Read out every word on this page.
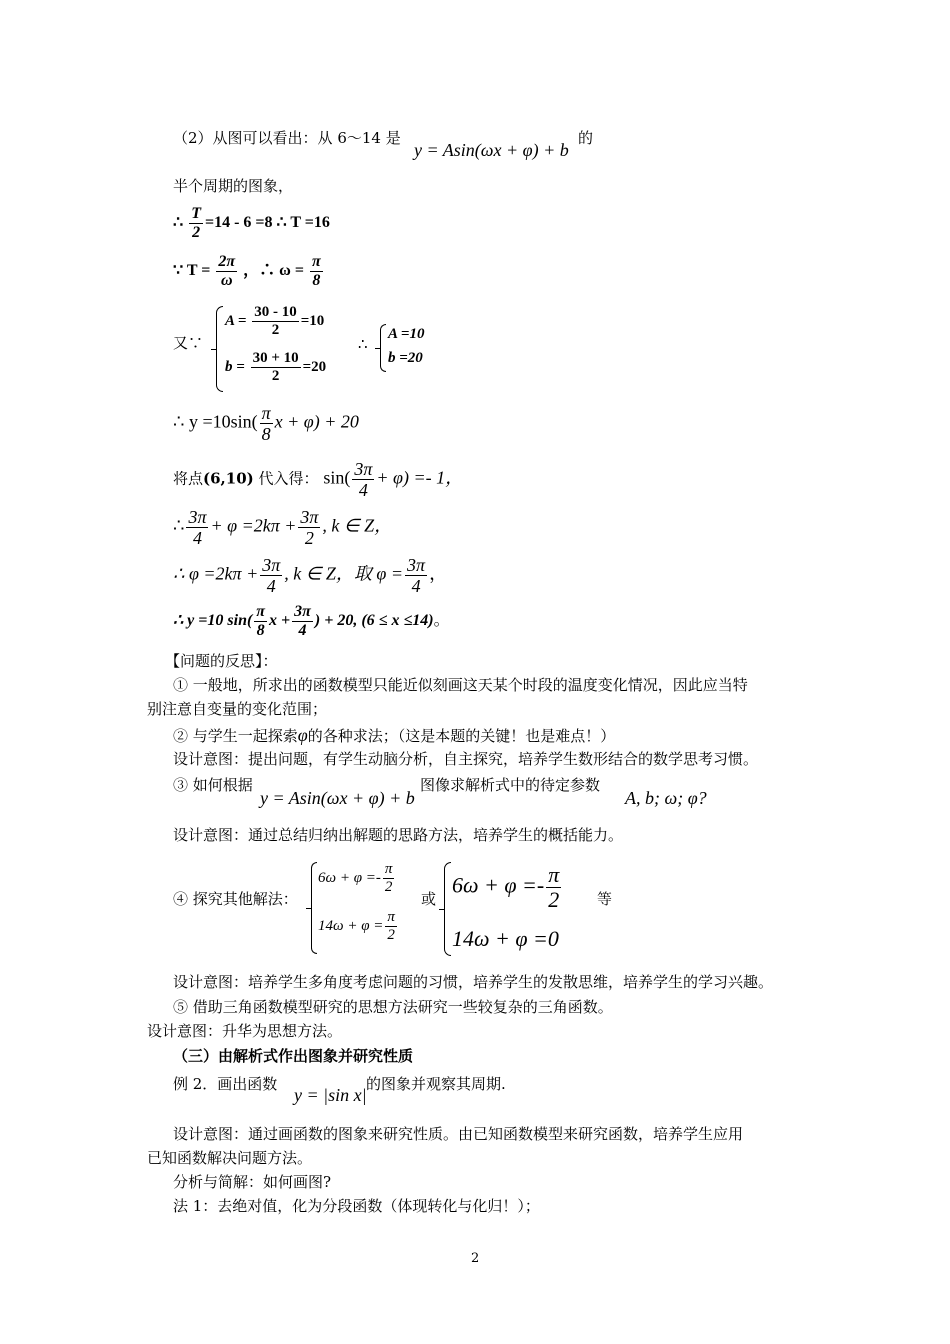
（2）从图可以看出：从 6～14 是
y = Asin(ωx + φ) + b
的
半个周期的图象，
∴ $\frac{T}{2} =14 - 6 =8$ ∴ T =16
∵ $T = \frac{2\pi}{\omega}$ ，∴ $\omega = \frac{\pi}{8}$
又∵
$A = \frac{30 - 10}{2} =10$
$b = \frac{30 + 10}{2} =20$
∴
A =10
b =20
∴ $y =10\sin( \frac{\pi}{8}$ x + φ) + 20
将点(6,10) 代入得： $\sin( \frac{3\pi}{4} + \varphi) =- 1$，
∴ $\frac{3\pi}{4} + \varphi =2k\pi + \frac{3\pi}{2}$ , k ∈ Z，
∴ $\varphi =2k\pi + \frac{3\pi}{4}$ , k ∈ Z，取 $\varphi = \frac{3\pi}{4}$ ，
∴ y =10 $\sin( \frac{\pi}{8}$ $x + \frac{3\pi}{4}$ ) + 20, (6 ≤ x ≤14)。
【问题的反思】：
① 一般地，所求出的函数模型只能近似刻画这天某个时段的温度变化情况，因此应当特
别注意自变量的变化范围；
② 与学生一起探索φ的各种求法；（这是本题的关键！也是难点！）
设计意图：提出问题，有学生动脑分析，自主探究，培养学生数形结合的数学思考习惯。
③ 如何根据
y = Asin(ωx + φ) + b
图像求解析式中的待定参数
A, b; ω; φ?
设计意图：通过总结归纳出解题的思路方法，培养学生的概括能力。
④ 探究其他解法：
$6\omega + \varphi =- \frac{\pi}{2}$
$14\omega + \varphi = \frac{\pi}{2}$
或
$6\omega + \varphi =- \frac{\pi}{2}$
14ω + φ =0
等
设计意图：培养学生多角度考虑问题的习惯，培养学生的发散思维，培养学生的学习兴趣。
⑤ 借助三角函数模型研究的思想方法研究一些较复杂的三角函数。
设计意图：升华为思想方法。
（三）由解析式作出图象并研究性质
例 2．画出函数
y = |sin x|
的图象并观察其周期.
设计意图：通过画函数的图象来研究性质。由已知函数模型来研究函数，培养学生应用
已知函数解决问题方法。
分析与简解：如何画图?
法 1：去绝对值，化为分段函数（体现转化与化归！）；
2
